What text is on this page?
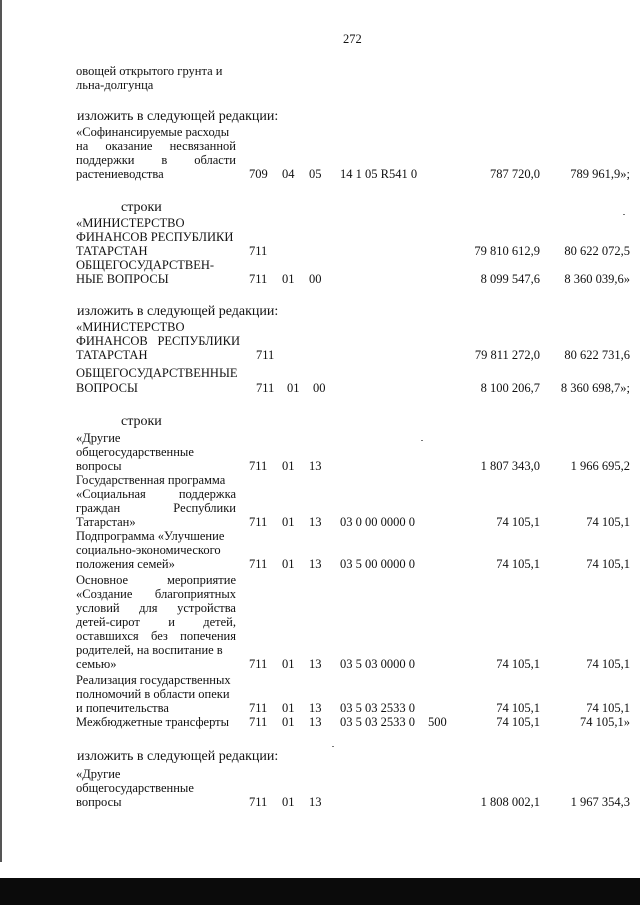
272
овощей открытого грунта и
льна-долгунца
изложить в следующей редакции:
«Софинансируемые расходы
на оказание несвязанной
поддержки в области
растениеводства	709 04 05 14 1 05 R541 0	787 720,0 789 961,9»;
строки
«МИНИСТЕРСТВО
ФИНАНСОВ РЕСПУБЛИКИ
ТАТАРСТАН	711	79 810 612,9 80 622 072,5
ОБЩЕГОСУДАРСТВЕН-
НЫЕ ВОПРОСЫ	711 01 00	8 099 547,6 8 360 039,6»
изложить в следующей редакции:
«МИНИСТЕРСТВО
ФИНАНСОВ РЕСПУБЛИКИ
ТАТАРСТАН	711	79 811 272,0 80 622 731,6
ОБЩЕГОСУДАРСТВЕННЫЕ
ВОПРОСЫ	711 01 00	8 100 206,7 8 360 698,7»;
строки
«Другие
общегосударственные
вопросы	711 01 13	1 807 343,0 1 966 695,2
Государственная программа
«Социальная поддержка
граждан Республики
Татарстан»	711 01 13 03 0 00 0000 0	74 105,1	74 105,1
Подпрограмма «Улучшение
социально-экономического
положения семей»	711 01 13 03 5 00 0000 0	74 105,1	74 105,1
Основное мероприятие
«Создание благоприятных
условий для устройства
детей-сирот и детей,
оставшихся без попечения
родителей, на воспитание в
семью»	711 01 13 03 5 03 0000 0	74 105,1	74 105,1
Реализация государственных
полномочий в области опеки
и попечительства	711 01 13 03 5 03 2533 0	74 105,1	74 105,1
Межбюджетные трансферты 711 01 13 03 5 03 2533 0 500	74 105,1	74 105,1»
изложить в следующей редакции:
«Другие
общегосударственные
вопросы	711 01 13	1 808 002,1 1 967 354,3
